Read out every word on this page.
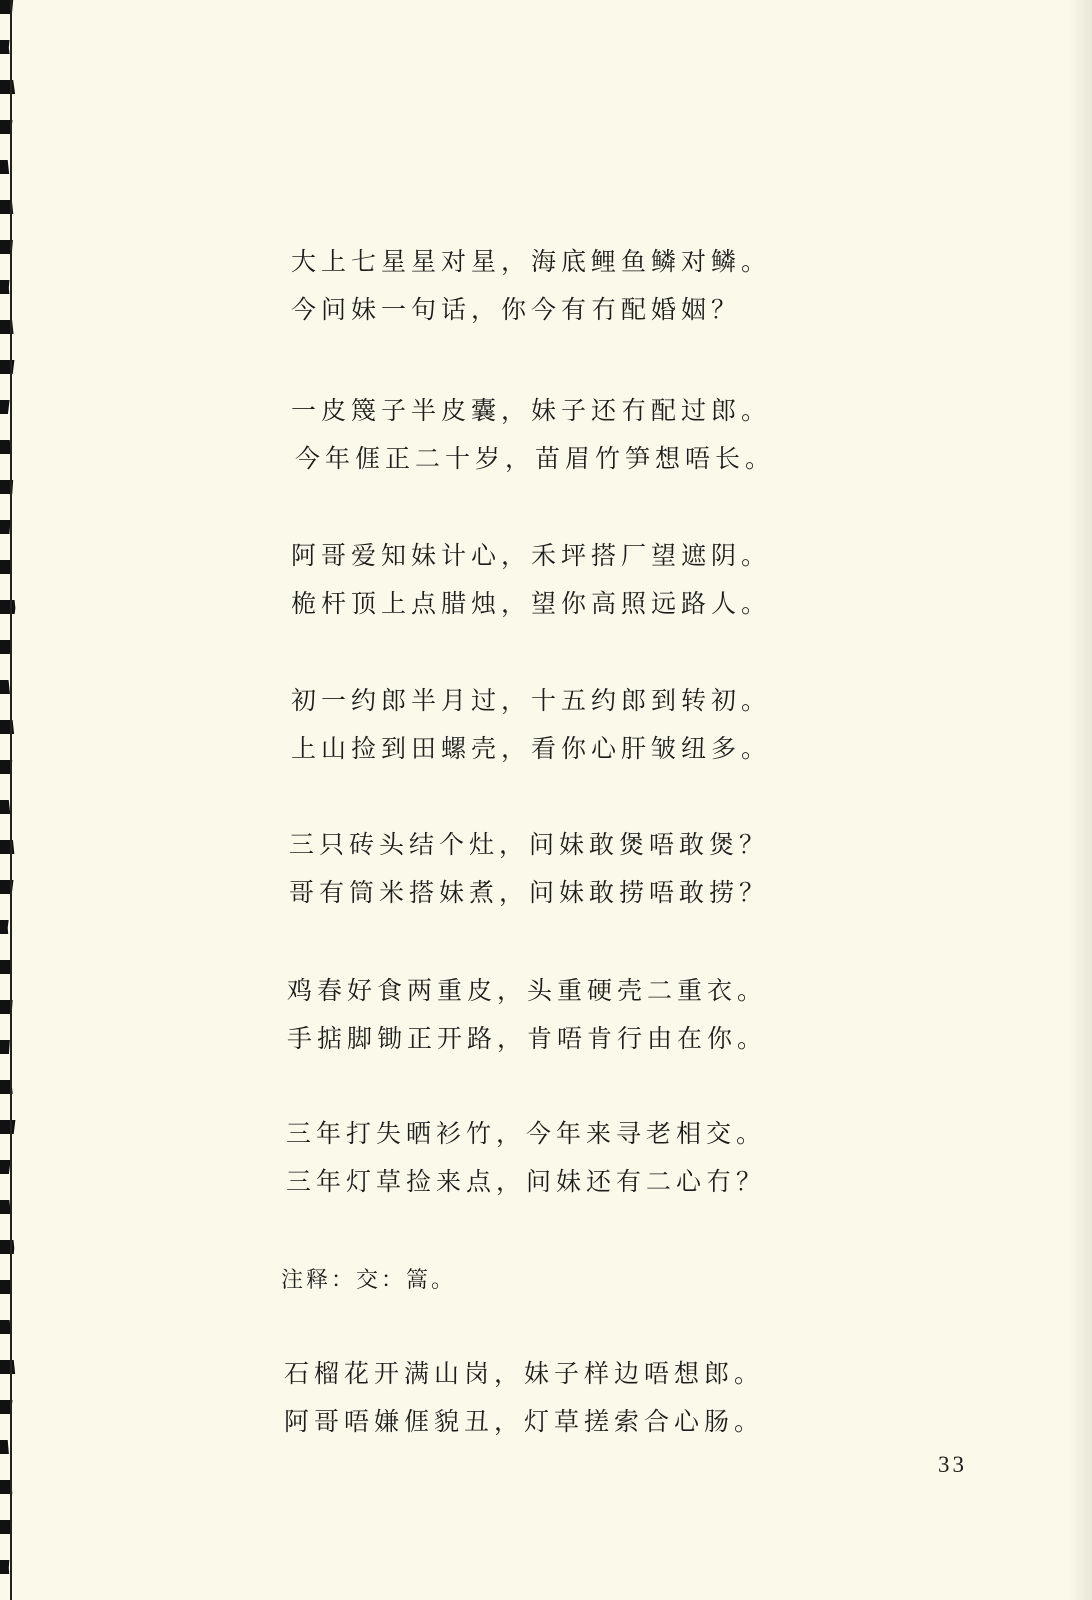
大上七星星对星，海底鲤鱼鳞对鳞。
今问妹一句话，你今有冇配婚姻？
一皮篾子半皮囊，妹子还冇配过郎。
今年𠊎正二十岁，苗眉竹笋想唔长。
阿哥爱知妹计心，禾坪搭厂望遮阴。
桅杆顶上点腊烛，望你高照远路人。
初一约郎半月过，十五约郎到转初。
上山捡到田螺壳，看你心肝皱纽多。
三只砖头结个灶，问妹敢煲唔敢煲？
哥有筒米搭妹煮，问妹敢捞唔敢捞？
鸡春好食两重皮，头重硬壳二重衣。
手掂脚锄正开路，肯唔肯行由在你。
三年打失晒衫竹，今年来寻老相交。
三年灯草捡来点，问妹还有二心冇？
注释：交：篙。
石榴花开满山岗，妹子样边唔想郎。
阿哥唔嫌𠊎貌丑，灯草搓索合心肠。
33
